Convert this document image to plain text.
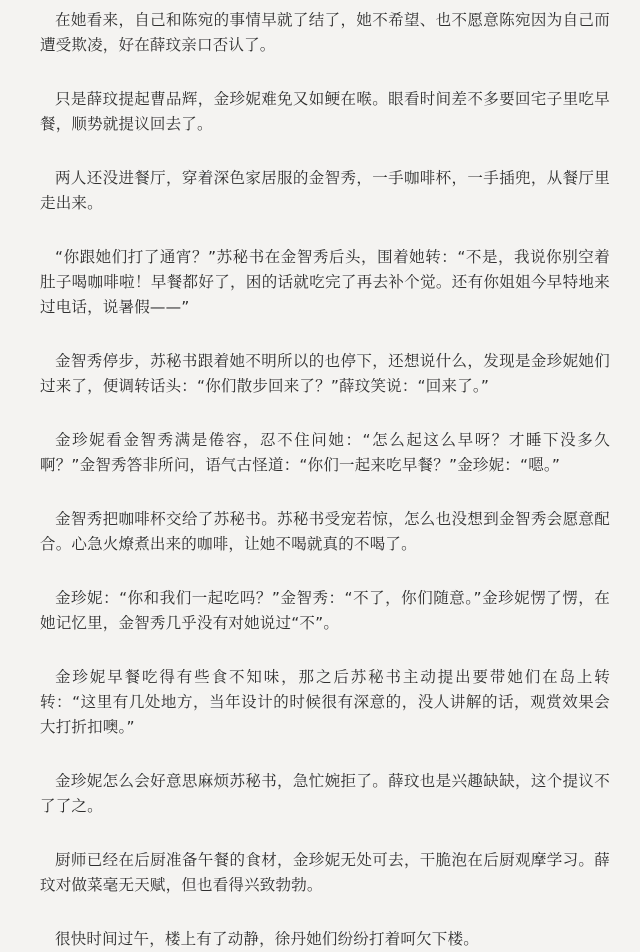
在她看来，自己和陈宛的事情早就了结了，她不希望、也不愿意陈宛因为自己而遭受欺凌，好在薛玟亲口否认了。

只是薛玟提起曹品辉，金珍妮难免又如鲠在喉。眼看时间差不多要回宅子里吃早餐，顺势就提议回去了。

两人还没进餐厅，穿着深色家居服的金智秀，一手咖啡杯，一手插兜，从餐厅里走出来。

“你跟她们打了通宵？”苏秘书在金智秀后头，围着她转：“不是，我说你别空着肚子喝咖啡啦！早餐都好了，困的话就吃完了再去补个觉。还有你姐姐今早特地来过电话，说暑假——”

金智秀停步，苏秘书跟着她不明所以的也停下，还想说什么，发现是金珍妮她们过来了，便调转话头：“你们散步回来了？”薛玟笑说：“回来了。”

金珍妮看金智秀满是倦容，忍不住问她：“怎么起这么早呀？才睡下没多久啊？”金智秀答非所问，语气古怪道：“你们一起来吃早餐？”金珍妮：“嗯。”

金智秀把咖啡杯交给了苏秘书。苏秘书受宠若惊，怎么也没想到金智秀会愿意配合。心急火燎煮出来的咖啡，让她不喝就真的不喝了。

金珍妮：“你和我们一起吃吗？”金智秀：“不了，你们随意。”金珍妮愣了愣，在她记忆里，金智秀几乎没有对她说过“不”。

金珍妮早餐吃得有些食不知味，那之后苏秘书主动提出要带她们在岛上转转：“这里有几处地方，当年设计的时候很有深意的，没人讲解的话，观赏效果会大打折扣噢。”

金珍妮怎么会好意思麻烦苏秘书，急忙婉拒了。薛玟也是兴趣缺缺，这个提议不了了之。

厨师已经在后厨准备午餐的食材，金珍妮无处可去，干脆泡在后厨观摩学习。薛玟对做菜毫无天赋，但也看得兴致勃勃。

很快时间过午，楼上有了动静，徐丹她们纷纷打着呵欠下楼。
